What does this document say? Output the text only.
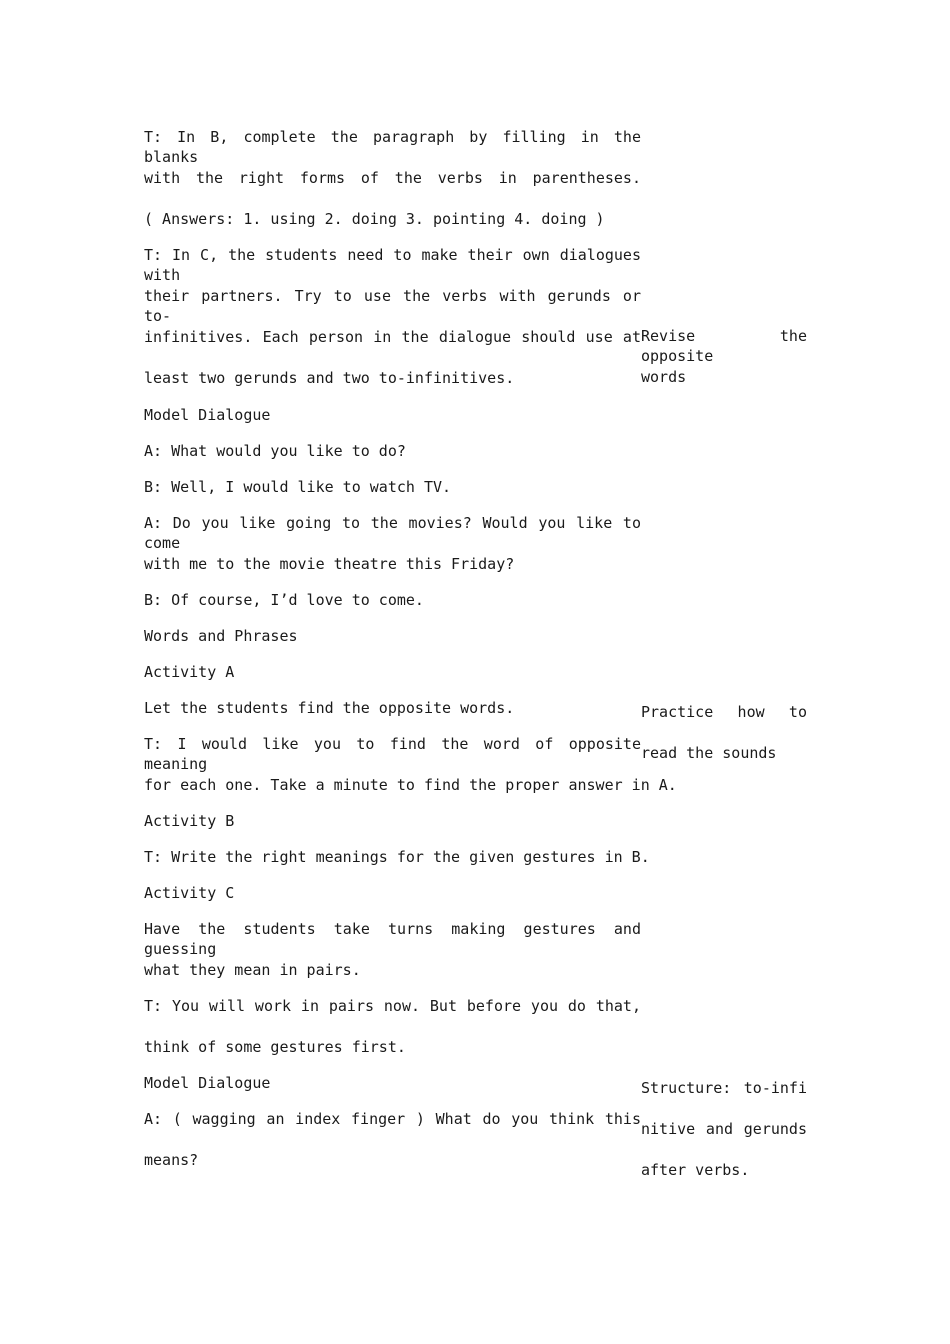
T: In B, complete the paragraph by filling in the blanks

with the right forms of the verbs in parentheses.

( Answers: 1. using 2. doing 3. pointing 4. doing )

T: In C, the students need to make their own dialogues with

their partners. Try to use the verbs with gerunds or to-

infinitives. Each person in the dialogue should use at

least two gerunds and two to-infinitives.

Model Dialogue

A: What would you like to do?

B: Well, I would like to watch TV.

A: Do you like going to the movies? Would you like to come

with me to the movie theatre this Friday?

B: Of course, I’d love to come.

Words and Phrases

Activity A

Let the students find the opposite words.

T: I would like you to find the word of opposite meaning

for each one. Take a minute to find the proper answer in A.

Activity B

T: Write the right meanings for the given gestures in B.

Activity C

Have the students take turns making gestures and guessing

what they mean in pairs.

T: You will work in pairs now. But before you do that,

think of some gestures first.

Model Dialogue

A: ( wagging an index finger ) What do you think this

means?

Revise the opposite

words

Practice how to

read the sounds

Structure: to-infi

nitive and gerunds

after verbs.
